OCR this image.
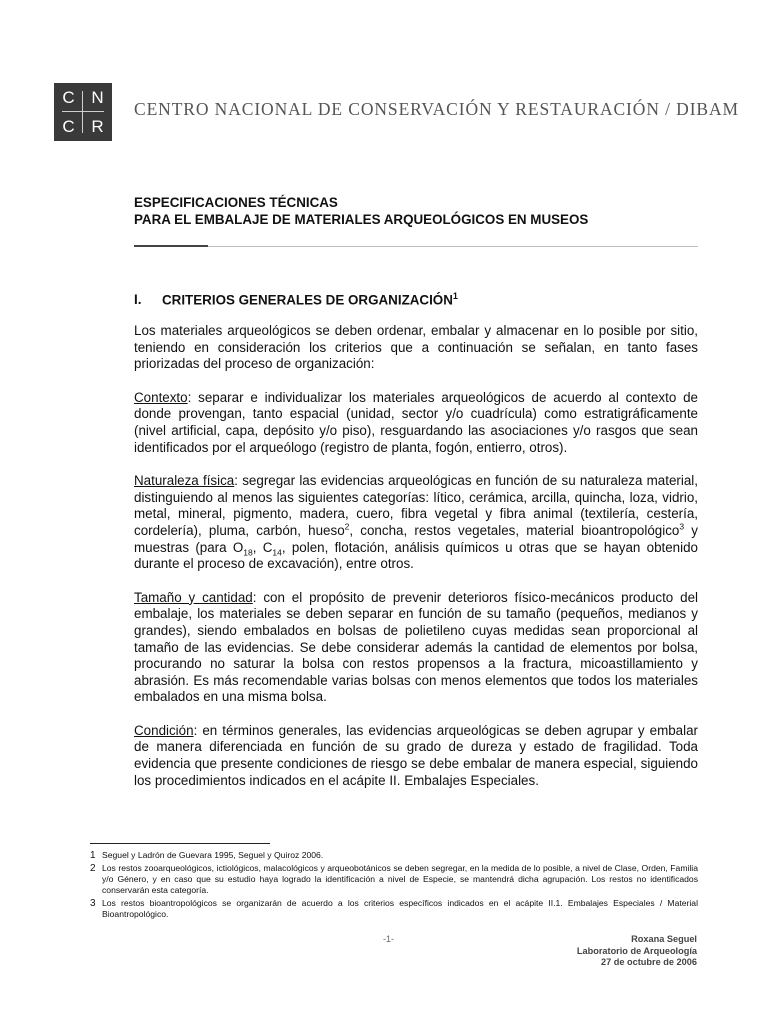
C N
C R
CENTRO NACIONAL DE CONSERVACIÓN Y RESTAURACIÓN / DIBAM
ESPECIFICACIONES TÉCNICAS
PARA EL EMBALAJE DE MATERIALES ARQUEOLÓGICOS EN MUSEOS
I. CRITERIOS GENERALES DE ORGANIZACIÓN$^1$

Los materiales arqueológicos se deben ordenar, embalar y almacenar en lo posible por sitio, teniendo en consideración los criterios que a continuación se señalan, en tanto fases priorizadas del proceso de organización:

Contexto: separar e individualizar los materiales arqueológicos de acuerdo al contexto de donde provengan, tanto espacial (unidad, sector y/o cuadrícula) como estratigráficamente (nivel artificial, capa, depósito y/o piso), resguardando las asociaciones y/o rasgos que sean identificados por el arqueólogo (registro de planta, fogón, entierro, otros).

Naturaleza física: segregar las evidencias arqueológicas en función de su naturaleza material, distinguiendo al menos las siguientes categorías: lítico, cerámica, arcilla, quincha, loza, vidrio, metal, mineral, pigmento, madera, cuero, fibra vegetal y fibra animal (textilería, cestería, cordelería), pluma, carbón, hueso$^2$, concha, restos vegetales, material bioantropológico$^3$ y muestras (para $O_{18}$, $C_{14}$, polen, flotación, análisis químicos u otras que se hayan obtenido durante el proceso de excavación), entre otros.

Tamaño y cantidad: con el propósito de prevenir deterioros físico-mecánicos producto del embalaje, los materiales se deben separar en función de su tamaño (pequeños, medianos y grandes), siendo embalados en bolsas de polietileno cuyas medidas sean proporcional al tamaño de las evidencias. Se debe considerar además la cantidad de elementos por bolsa, procurando no saturar la bolsa con restos propensos a la fractura, micoastillamiento y abrasión. Es más recomendable varias bolsas con menos elementos que todos los materiales embalados en una misma bolsa.

Condición: en términos generales, las evidencias arqueológicas se deben agrupar y embalar de manera diferenciada en función de su grado de dureza y estado de fragilidad. Toda evidencia que presente condiciones de riesgo se debe embalar de manera especial, siguiendo los procedimientos indicados en el acápite II. Embalajes Especiales.

1 Seguel y Ladrón de Guevara 1995, Seguel y Quiroz 2006.
2 Los restos zooarqueológicos, ictiológicos, malacológicos y arqueobotánicos se deben segregar, en la medida de lo posible, a nivel de Clase, Orden, Familia y/o Género, y en caso que su estudio haya logrado la identificación a nivel de Especie, se mantendrá dicha agrupación. Los restos no identificados conservarán esta categoría.
3 Los restos bioantropológicos se organizarán de acuerdo a los criterios específicos indicados en el acápite II.1. Embalajes Especiales / Material Bioantropológico.
-1-	Roxana Seguel
Laboratorio de Arqueología
27 de octubre de 2006
